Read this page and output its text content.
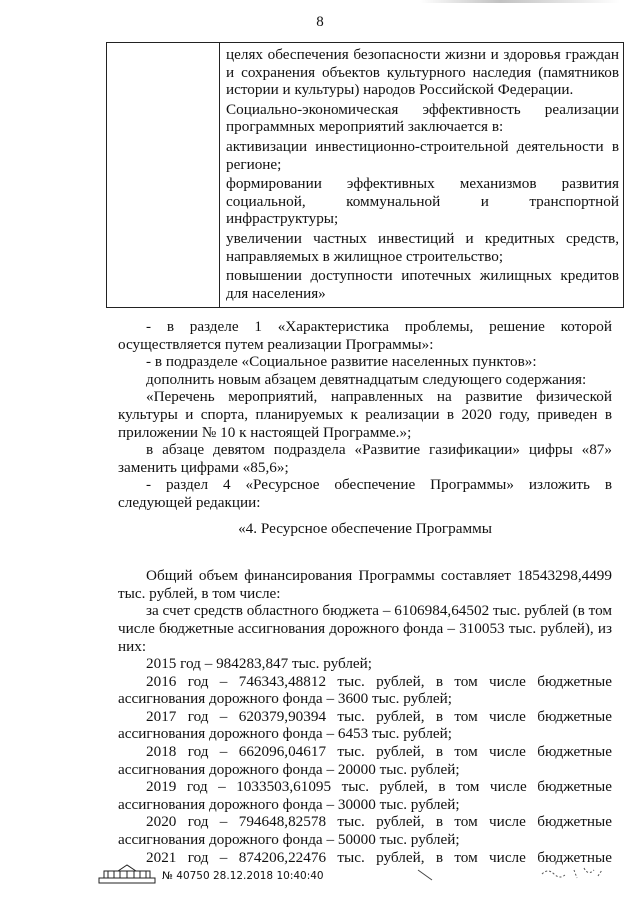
8

целях обеспечения безопасности жизни и здоровья граждан и сохранения объектов культурного наследия (памятников истории и культуры) народов Российской Федерации.

Социально-экономическая эффективность реализации программных мероприятий заключается в:

активизации инвестиционно-строительной деятельности в регионе;

формировании эффективных механизмов развития социальной, коммунальной и транспортной инфраструктуры;

увеличении частных инвестиций и кредитных средств, направляемых в жилищное строительство;

повышении доступности ипотечных жилищных кредитов для населения»

- в разделе 1 «Характеристика проблемы, решение которой осуществляется путем реализации Программы»:

- в подразделе «Социальное развитие населенных пунктов»:

дополнить новым абзацем девятнадцатым следующего содержания:

«Перечень мероприятий, направленных на развитие физической культуры и спорта, планируемых к реализации в 2020 году, приведен в приложении № 10 к настоящей Программе.»;

в абзаце девятом подраздела «Развитие газификации» цифры «87» заменить цифрами «85,6»;

- раздел 4 «Ресурсное обеспечение Программы» изложить в следующей редакции:

«4. Ресурсное обеспечение Программы

Общий объем финансирования Программы составляет 18543298,4499 тыс. рублей, в том числе:

за счет средств областного бюджета – 6106984,64502 тыс. рублей (в том числе бюджетные ассигнования дорожного фонда – 310053 тыс. рублей), из них:

2015 год – 984283,847 тыс. рублей;

2016 год – 746343,48812 тыс. рублей, в том числе бюджетные ассигнования дорожного фонда – 3600 тыс. рублей;

2017 год – 620379,90394 тыс. рублей, в том числе бюджетные ассигнования дорожного фонда – 6453 тыс. рублей;

2018 год – 662096,04617 тыс. рублей, в том числе бюджетные ассигнования дорожного фонда – 20000 тыс. рублей;

2019 год – 1033503,61095 тыс. рублей, в том числе бюджетные ассигнования дорожного фонда – 30000 тыс. рублей;

2020 год – 794648,82578 тыс. рублей, в том числе бюджетные ассигнования дорожного фонда – 50000 тыс. рублей;

2021 год – 874206,22476 тыс. рублей, в том числе бюджетные

№ 40750 28.12.2018 10:40:40
